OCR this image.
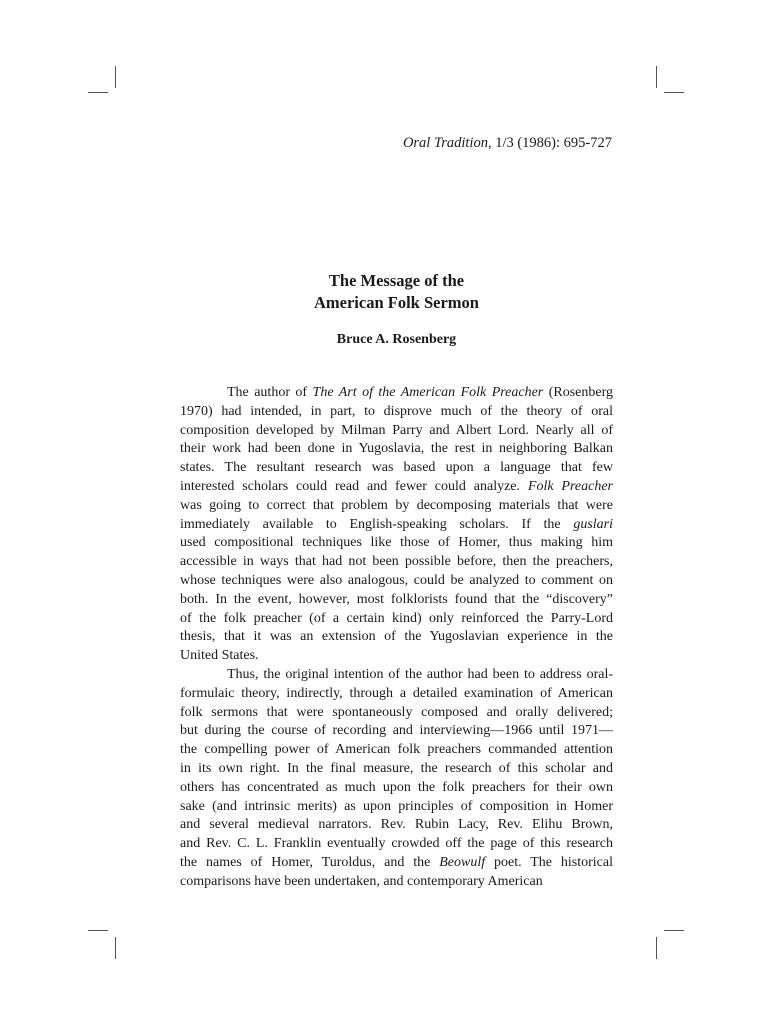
Oral Tradition, 1/3 (1986): 695-727
The Message of the
American Folk Sermon
Bruce A. Rosenberg
The author of The Art of the American Folk Preacher (Rosenberg
1970) had intended, in part, to disprove much of the theory of oral
composition developed by Milman Parry and Albert Lord. Nearly all of
their work had been done in Yugoslavia, the rest in neighboring Balkan
states. The resultant research was based upon a language that few
interested scholars could read and fewer could analyze. Folk Preacher
was going to correct that problem by decomposing materials that were
immediately available to English-speaking scholars. If the guslari
used compositional techniques like those of Homer, thus making him
accessible in ways that had not been possible before, then the preachers,
whose techniques were also analogous, could be analyzed to comment on
both. In the event, however, most folklorists found that the “discovery”
of the folk preacher (of a certain kind) only reinforced the Parry-Lord
thesis, that it was an extension of the Yugoslavian experience in the
United States.
Thus, the original intention of the author had been to address oral-
formulaic theory, indirectly, through a detailed examination of American
folk sermons that were spontaneously composed and orally delivered;
but during the course of recording and interviewing—1966 until 1971—
the compelling power of American folk preachers commanded attention
in its own right. In the final measure, the research of this scholar and
others has concentrated as much upon the folk preachers for their own
sake (and intrinsic merits) as upon principles of composition in Homer
and several medieval narrators. Rev. Rubin Lacy, Rev. Elihu Brown,
and Rev. C. L. Franklin eventually crowded off the page of this research
the names of Homer, Turoldus, and the Beowulf poet. The historical
comparisons have been undertaken, and contemporary American
